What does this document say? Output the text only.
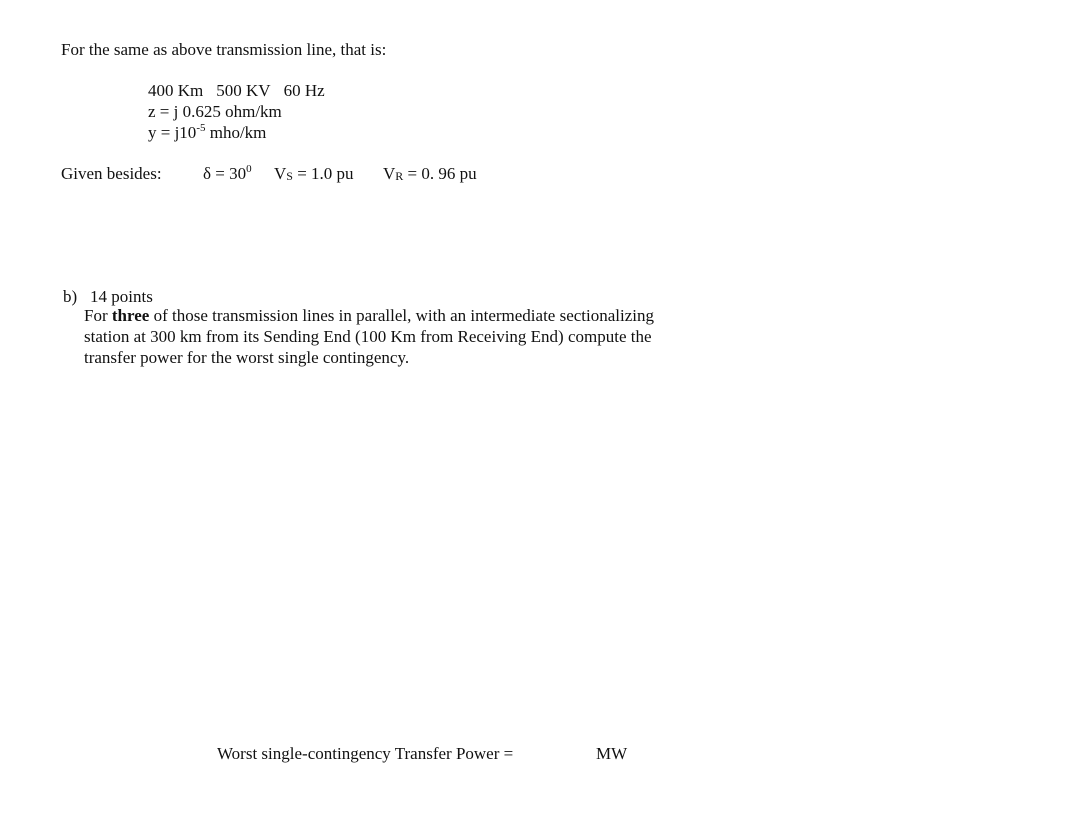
For the same as above transmission line, that is:
400 Km 500 KV 60 Hz
z = j 0.625 ohm/km
$y = j10^{-5}$ mho/km
Given besides: $\delta = 30^0$ $V_S = 1.0$ pu $V_R = 0$. 96 pu
b) 14 points
For three of those transmission lines in parallel, with an intermediate sectionalizing station at 300 km from its Sending End (100 Km from Receiving End) compute the transfer power for the worst single contingency.
Worst single-contingency Transfer Power =	MW
